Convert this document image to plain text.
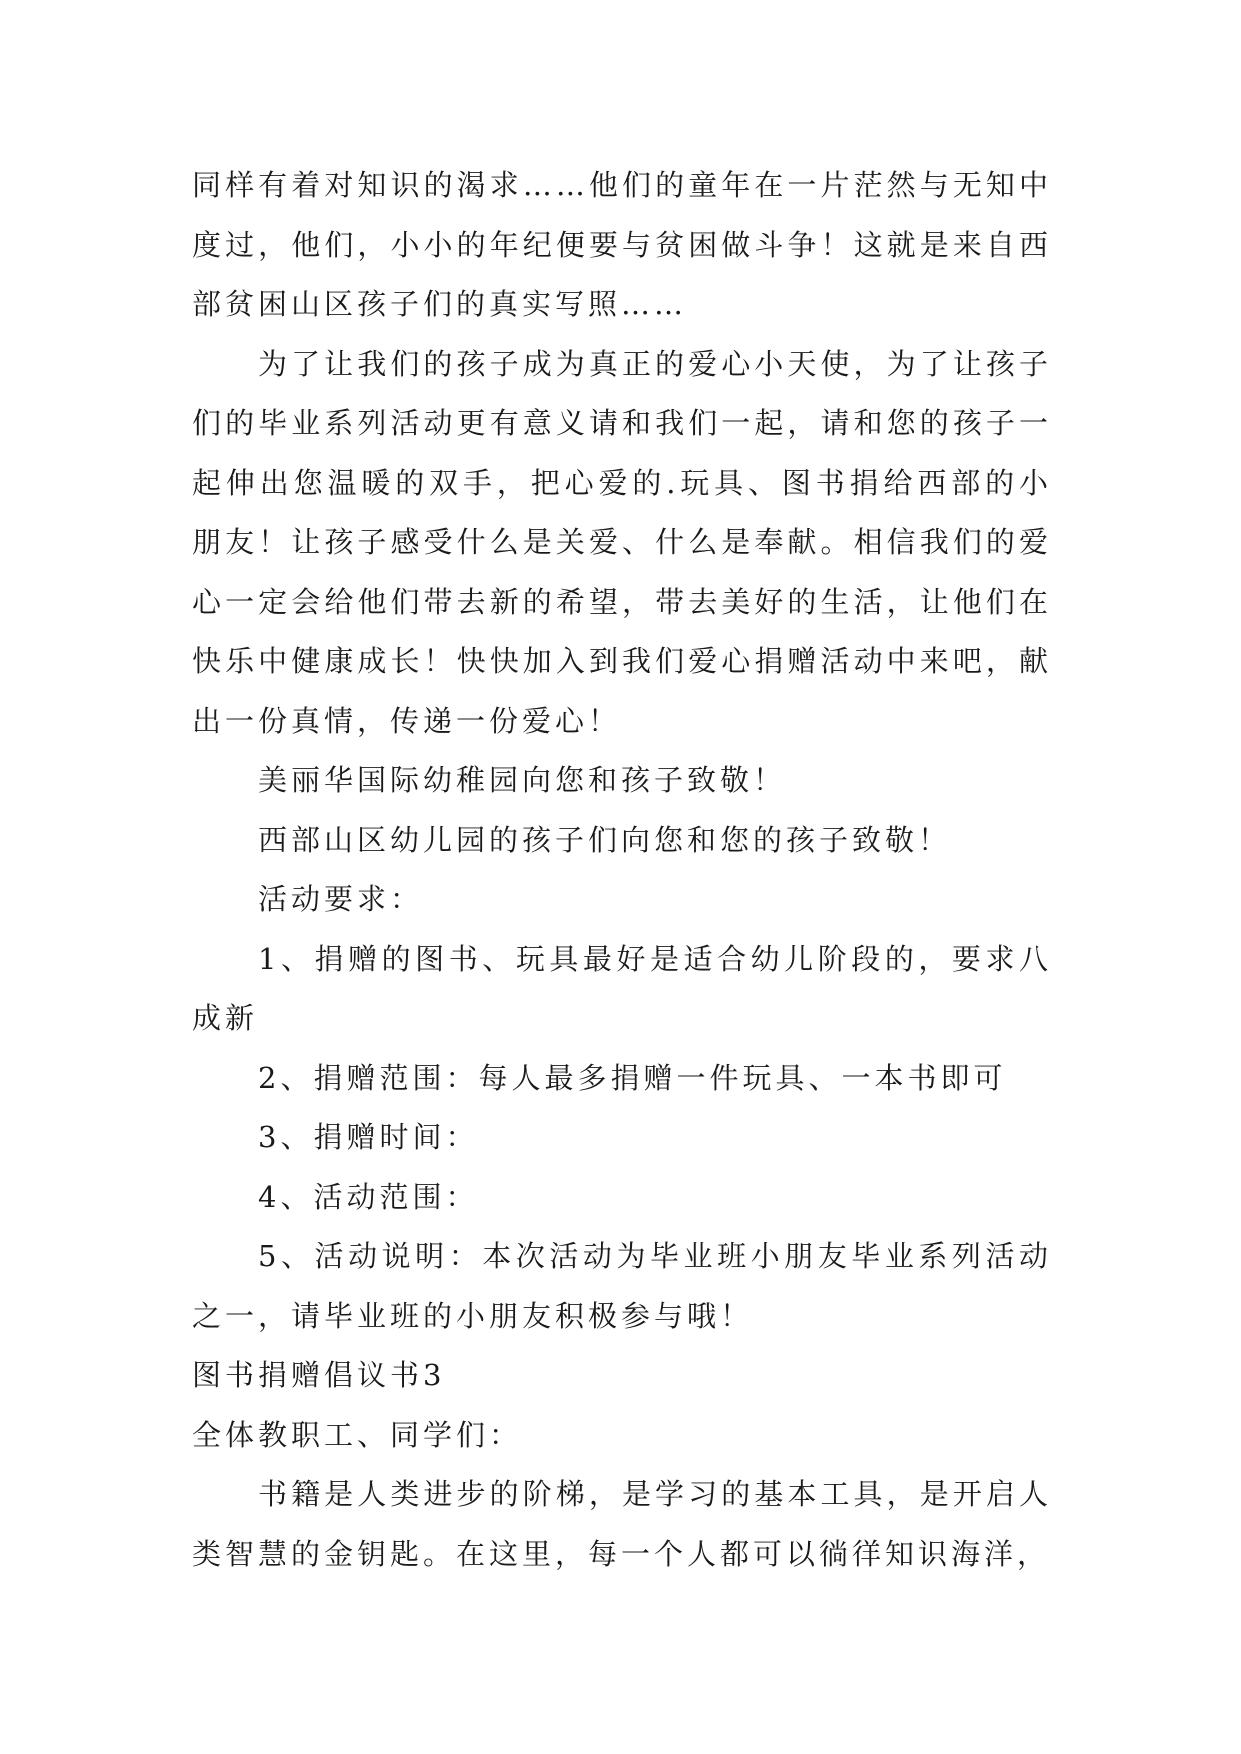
同样有着对知识的渴求……他们的童年在一片茫然与无知中度过，他们，小小的年纪便要与贫困做斗争！这就是来自西部贫困山区孩子们的真实写照……

为了让我们的孩子成为真正的爱心小天使，为了让孩子们的毕业系列活动更有意义请和我们一起，请和您的孩子一起伸出您温暖的双手，把心爱的.玩具、图书捐给西部的小朋友！让孩子感受什么是关爱、什么是奉献。相信我们的爱心一定会给他们带去新的希望，带去美好的生活，让他们在快乐中健康成长！快快加入到我们爱心捐赠活动中来吧，献出一份真情，传递一份爱心！

美丽华国际幼稚园向您和孩子致敬！

西部山区幼儿园的孩子们向您和您的孩子致敬！

活动要求：

1、捐赠的图书、玩具最好是适合幼儿阶段的，要求八成新

2、捐赠范围：每人最多捐赠一件玩具、一本书即可

3、捐赠时间：

4、活动范围：

5、活动说明：本次活动为毕业班小朋友毕业系列活动之一，请毕业班的小朋友积极参与哦！

图书捐赠倡议书3

全体教职工、同学们：

书籍是人类进步的阶梯，是学习的基本工具，是开启人类智慧的金钥匙。在这里，每一个人都可以徜徉知识海洋，
